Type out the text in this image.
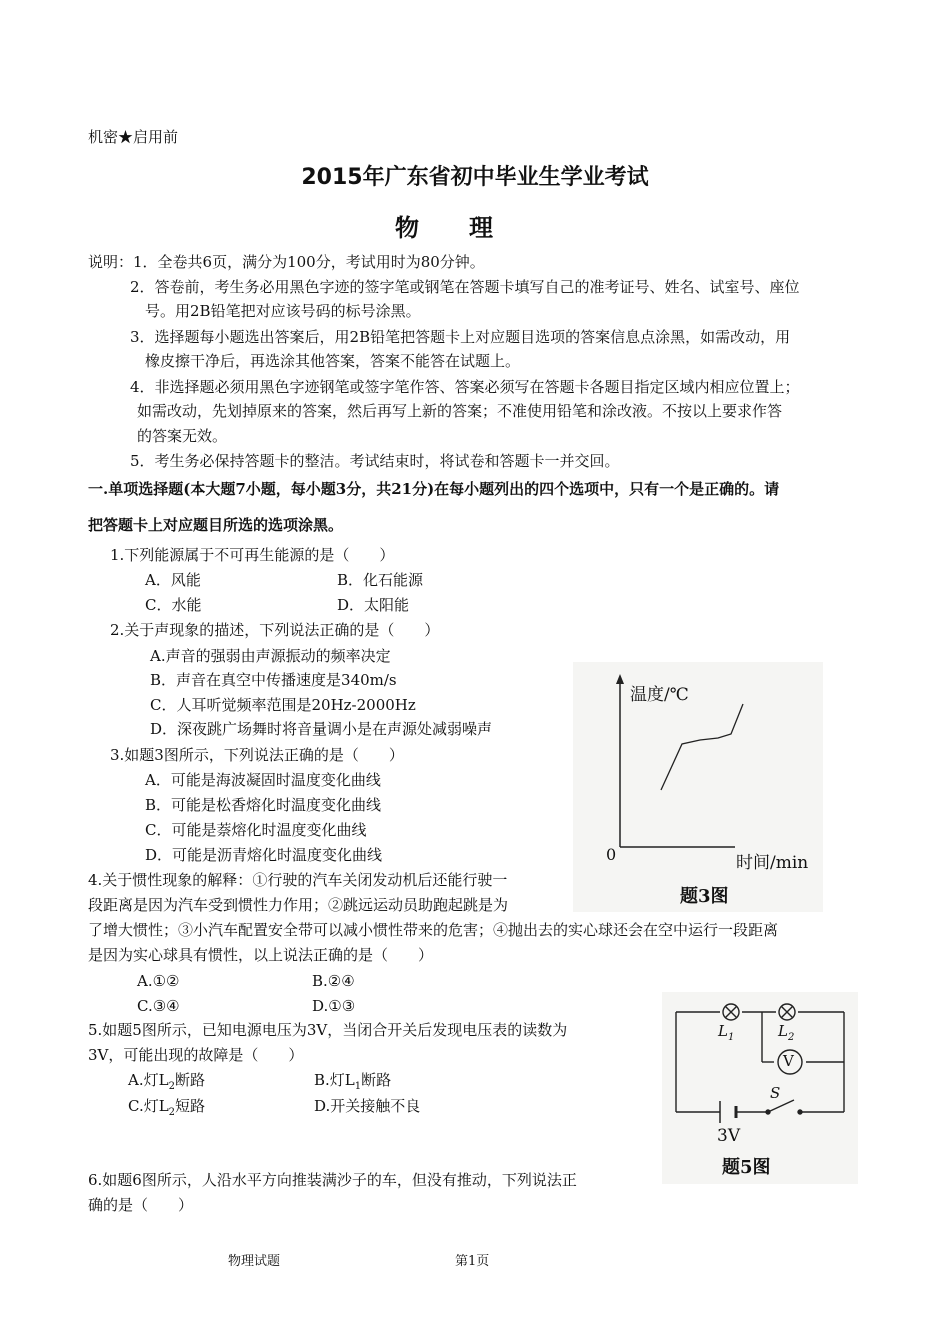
机密★启用前
2015年广东省初中毕业生学业考试
物理
说明：1．全卷共6页，满分为100分，考试用时为80分钟。
2．答卷前，考生务必用黑色字迹的签字笔或钢笔在答题卡填写自己的准考证号、姓名、试室号、座位
号。用2B铅笔把对应该号码的标号涂黑。
3．选择题每小题选出答案后，用2B铅笔把答题卡上对应题目选项的答案信息点涂黑，如需改动，用
橡皮擦干净后，再选涂其他答案，答案不能答在试题上。
4．非选择题必须用黑色字迹钢笔或签字笔作答、答案必须写在答题卡各题目指定区域内相应位置上；
如需改动，先划掉原来的答案，然后再写上新的答案；不准使用铅笔和涂改液。不按以上要求作答
的答案无效。
5．考生务必保持答题卡的整洁。考试结束时，将试卷和答题卡一并交回。
一.单项选择题(本大题7小题，每小题3分，共21分)在每小题列出的四个选项中，只有一个是正确的。请
把答题卡上对应题目所选的选项涂黑。
1.下列能源属于不可再生能源的是（　　）
A．风能	B．化石能源
C．水能	D．太阳能
2.关于声现象的描述，下列说法正确的是（　　）
A.声音的强弱由声源振动的频率决定
B．声音在真空中传播速度是340m/s
C．人耳听觉频率范围是20Hz-2000Hz
D．深夜跳广场舞时将音量调小是在声源处减弱噪声
3.如题3图所示，下列说法正确的是（　　）
A．可能是海波凝固时温度变化曲线
B．可能是松香熔化时温度变化曲线
C．可能是萘熔化时温度变化曲线
D．可能是沥青熔化时温度变化曲线
温度/℃
0	时间/min
题3图
4.关于惯性现象的解释：①行驶的汽车关闭发动机后还能行驶一
段距离是因为汽车受到惯性力作用；②跳远运动员助跑起跳是为
了增大惯性；③小汽车配置安全带可以减小惯性带来的危害；④抛出去的实心球还会在空中运行一段距离
是因为实心球具有惯性，以上说法正确的是（　　）
A.①②	B.②④
C.③④	D.①③
5.如题5图所示，已知电源电压为3V，当闭合开关后发现电压表的读数为
3V，可能出现的故障是（　　）
A.灯$L_2$断路	B.灯$L_1$断路
C.灯$L_2$短路	D.开关接触不良
$L_1$	$L_2$
V
S
3V
题5图
6.如题6图所示，人沿水平方向推装满沙子的车，但没有推动，下列说法正
确的是（　　）
物理试题	第1页
